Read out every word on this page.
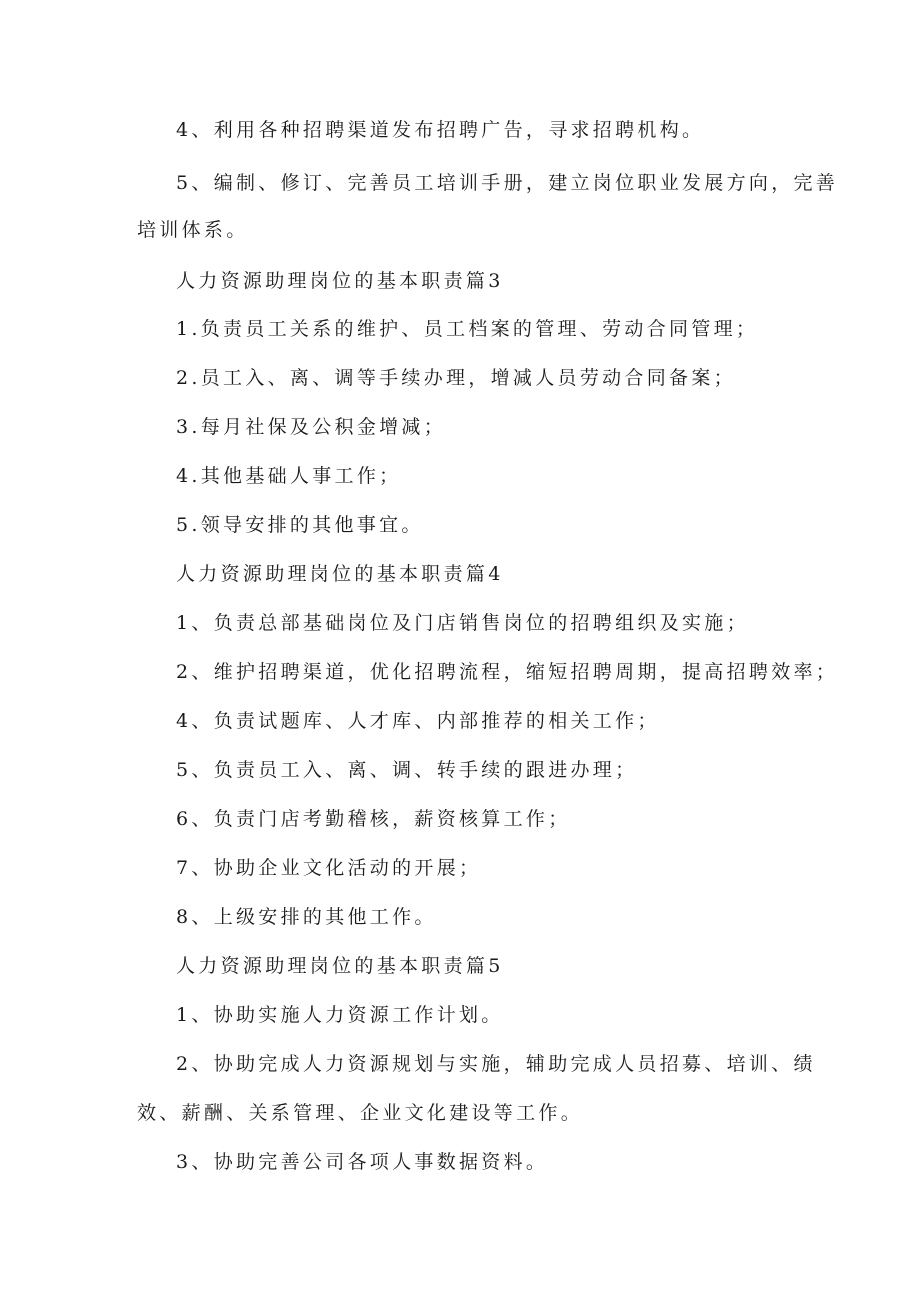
4、利用各种招聘渠道发布招聘广告，寻求招聘机构。
5、编制、修订、完善员工培训手册，建立岗位职业发展方向，完善
培训体系。
人力资源助理岗位的基本职责篇3
1.负责员工关系的维护、员工档案的管理、劳动合同管理；
2.员工入、离、调等手续办理，增减人员劳动合同备案；
3.每月社保及公积金增减；
4.其他基础人事工作；
5.领导安排的其他事宜。
人力资源助理岗位的基本职责篇4
1、负责总部基础岗位及门店销售岗位的招聘组织及实施；
2、维护招聘渠道，优化招聘流程，缩短招聘周期，提高招聘效率；
4、负责试题库、人才库、内部推荐的相关工作；
5、负责员工入、离、调、转手续的跟进办理；
6、负责门店考勤稽核，薪资核算工作；
7、协助企业文化活动的开展；
8、上级安排的其他工作。
人力资源助理岗位的基本职责篇5
1、协助实施人力资源工作计划。
2、协助完成人力资源规划与实施，辅助完成人员招募、培训、绩
效、薪酬、关系管理、企业文化建设等工作。
3、协助完善公司各项人事数据资料。
